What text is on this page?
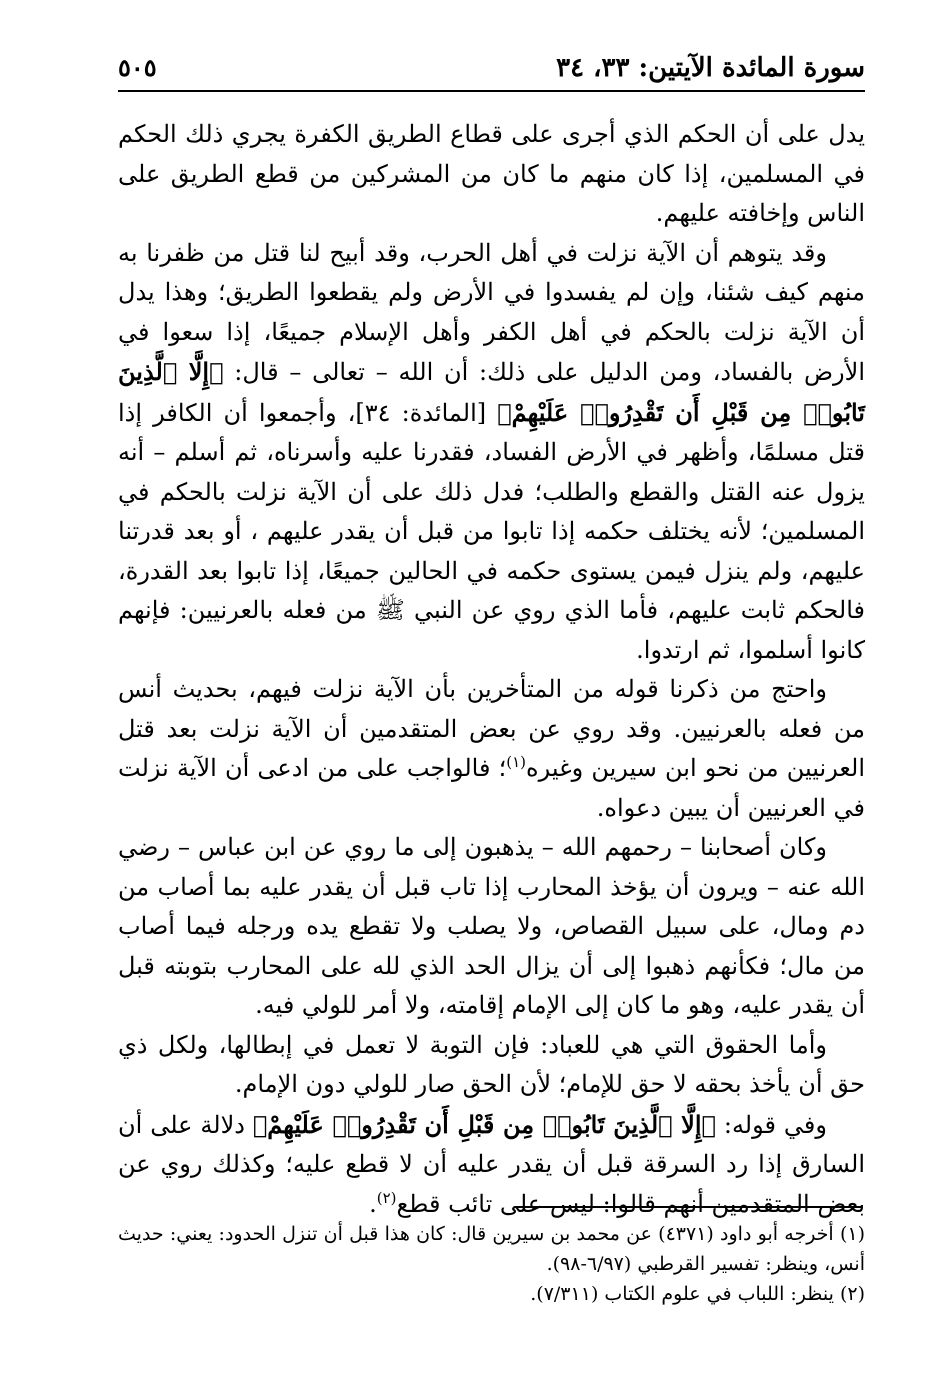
سورة المائدة الآيتين: ٣٣، ٣٤
٥٠٥

يدل على أن الحكم الذي أجرى على قطاع الطريق الكفرة يجري ذلك الحكم في المسلمين، إذا كان منهم ما كان من المشركين من قطع الطريق على الناس وإخافته عليهم.

وقد يتوهم أن الآية نزلت في أهل الحرب، وقد أبيح لنا قتل من ظفرنا به منهم كيف شئنا، وإن لم يفسدوا في الأرض ولم يقطعوا الطريق؛ وهذا يدل أن الآية نزلت بالحكم في أهل الكفر وأهل الإسلام جميعًا، إذا سعوا في الأرض بالفساد، ومن الدليل على ذلك: أن الله – تعالى – قال: ﴿إِلَّا ٱلَّذِينَ تَابُوا۟ مِن قَبْلِ أَن تَقْدِرُوا۟ عَلَيْهِمْ﴾ [المائدة: ٣٤]، وأجمعوا أن الكافر إذا قتل مسلمًا، وأظهر في الأرض الفساد، فقدرنا عليه وأسرناه، ثم أسلم – أنه يزول عنه القتل والقطع والطلب؛ فدل ذلك على أن الآية نزلت بالحكم في المسلمين؛ لأنه يختلف حكمه إذا تابوا من قبل أن يقدر عليهم ، أو بعد قدرتنا عليهم، ولم ينزل فيمن يستوى حكمه في الحالين جميعًا، إذا تابوا بعد القدرة، فالحكم ثابت عليهم، فأما الذي روي عن النبي ﷺ من فعله بالعرنيين: فإنهم كانوا أسلموا، ثم ارتدوا.

واحتج من ذكرنا قوله من المتأخرين بأن الآية نزلت فيهم، بحديث أنس من فعله بالعرنيين. وقد روي عن بعض المتقدمين أن الآية نزلت بعد قتل العرنيين من نحو ابن سيرين وغيره$^{(١)}$؛ فالواجب على من ادعى أن الآية نزلت في العرنيين أن يبين دعواه.

وكان أصحابنا – رحمهم الله – يذهبون إلى ما روي عن ابن عباس – رضي الله عنه – ويرون أن يؤخذ المحارب إذا تاب قبل أن يقدر عليه بما أصاب من دم ومال، على سبيل القصاص، ولا يصلب ولا تقطع يده ورجله فيما أصاب من مال؛ فكأنهم ذهبوا إلى أن يزال الحد الذي لله على المحارب بتوبته قبل أن يقدر عليه، وهو ما كان إلى الإمام إقامته، ولا أمر للولي فيه.

وأما الحقوق التي هي للعباد: فإن التوبة لا تعمل في إبطالها، ولكل ذي حق أن يأخذ بحقه لا حق للإمام؛ لأن الحق صار للولي دون الإمام.

وفي قوله: ﴿إِلَّا ٱلَّذِينَ تَابُوا۟ مِن قَبْلِ أَن تَقْدِرُوا۟ عَلَيْهِمْ﴾ دلالة على أن السارق إذا رد السرقة قبل أن يقدر عليه أن لا قطع عليه؛ وكذلك روي عن بعض المتقدمين أنهم قالوا: ليس على تائب قطع$^{(٢)}$.

(١) أخرجه أبو داود (٤٣٧١) عن محمد بن سيرين قال: كان هذا قبل أن تنزل الحدود: يعني: حديث أنس، وينظر: تفسير القرطبي (٦/٩٧-٩٨).

(٢) ينظر: اللباب في علوم الكتاب (٧/٣١١).
